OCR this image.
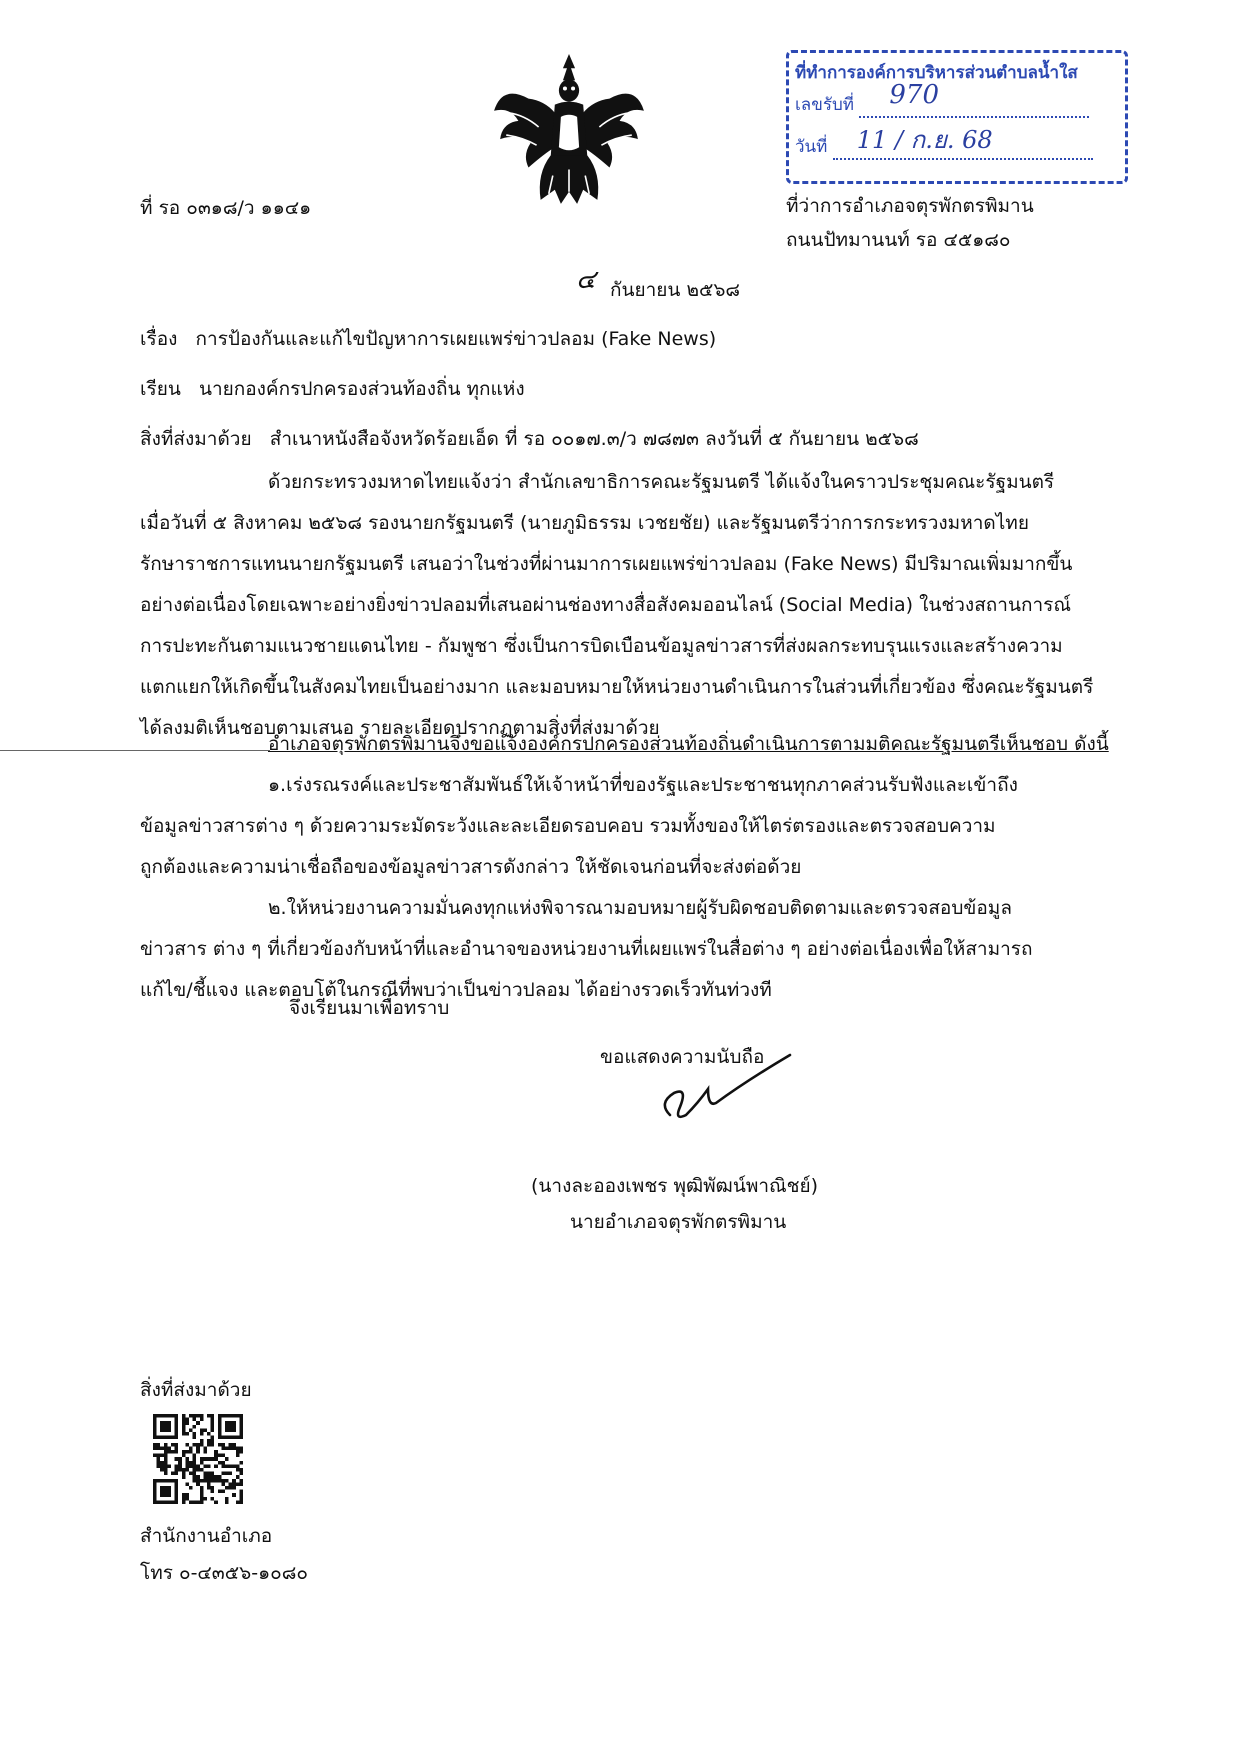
ที่ทำการองค์การบริหารส่วนตำบลน้ำใส
เลขรับที่ 970
วันที่ 11 / ก.ย. 68
ที่ รอ ๐๓๑๘/ว ๑๑๔๑	ที่ว่าการอำเภอจตุรพักตรพิมาน
ถนนปัทมานนท์ รอ ๔๕๑๘๐
๔ กันยายน ๒๕๖๘
เรื่อง การป้องกันและแก้ไขปัญหาการเผยแพร่ข่าวปลอม (Fake News)
เรียน นายกองค์กรปกครองส่วนท้องถิ่น ทุกแห่ง
สิ่งที่ส่งมาด้วย สำเนาหนังสือจังหวัดร้อยเอ็ด ที่ รอ ๐๐๑๗.๓/ว ๗๘๗๓ ลงวันที่ ๕ กันยายน ๒๕๖๘
ด้วยกระทรวงมหาดไทยแจ้งว่า สำนักเลขาธิการคณะรัฐมนตรี ได้แจ้งในคราวประชุมคณะรัฐมนตรี
เมื่อวันที่ ๕ สิงหาคม ๒๕๖๘ รองนายกรัฐมนตรี (นายภูมิธรรม เวชยชัย) และรัฐมนตรีว่าการกระทรวงมหาดไทย
รักษาราชการแทนนายกรัฐมนตรี เสนอว่าในช่วงที่ผ่านมาการเผยแพร่ข่าวปลอม (Fake News) มีปริมาณเพิ่มมากขึ้น
อย่างต่อเนื่องโดยเฉพาะอย่างยิ่งข่าวปลอมที่เสนอผ่านช่องทางสื่อสังคมออนไลน์ (Social Media) ในช่วงสถานการณ์
การปะทะกันตามแนวชายแดนไทย - กัมพูชา ซึ่งเป็นการบิดเบือนข้อมูลข่าวสารที่ส่งผลกระทบรุนแรงและสร้างความ
แตกแยกให้เกิดขึ้นในสังคมไทยเป็นอย่างมาก และมอบหมายให้หน่วยงานดำเนินการในส่วนที่เกี่ยวข้อง ซึ่งคณะรัฐมนตรี
ได้ลงมติเห็นชอบตามเสนอ รายละเอียดปรากฏตามสิ่งที่ส่งมาด้วย
อำเภอจตุรพักตรพิมานจึงขอแจ้งองค์กรปกครองส่วนท้องถิ่นดำเนินการตามมติคณะรัฐมนตรีเห็นชอบ ดังนี้
๑.เร่งรณรงค์และประชาสัมพันธ์ให้เจ้าหน้าที่ของรัฐและประชาชนทุกภาคส่วนรับฟังและเข้าถึง
ข้อมูลข่าวสารต่าง ๆ ด้วยความระมัดระวังและละเอียดรอบคอบ รวมทั้งของให้ไตร่ตรองและตรวจสอบความ
ถูกต้องและความน่าเชื่อถือของข้อมูลข่าวสารดังกล่าว ให้ชัดเจนก่อนที่จะส่งต่อด้วย
๒.ให้หน่วยงานความมั่นคงทุกแห่งพิจารณามอบหมายผู้รับผิดชอบติดตามและตรวจสอบข้อมูล
ข่าวสาร ต่าง ๆ ที่เกี่ยวข้องกับหน้าที่และอำนาจของหน่วยงานที่เผยแพร่ในสื่อต่าง ๆ อย่างต่อเนื่องเพื่อให้สามารถ
แก้ไข/ชี้แจง และตอบโต้ในกรณีที่พบว่าเป็นข่าวปลอม ได้อย่างรวดเร็วทันท่วงที
จึงเรียนมาเพื่อทราบ
ขอแสดงความนับถือ
(นางละอองเพชร พุฒิพัฒน์พาณิชย์)
นายอำเภอจตุรพักตรพิมาน
สิ่งที่ส่งมาด้วย
สำนักงานอำเภอ
โทร ๐-๔๓๕๖-๑๐๘๐
